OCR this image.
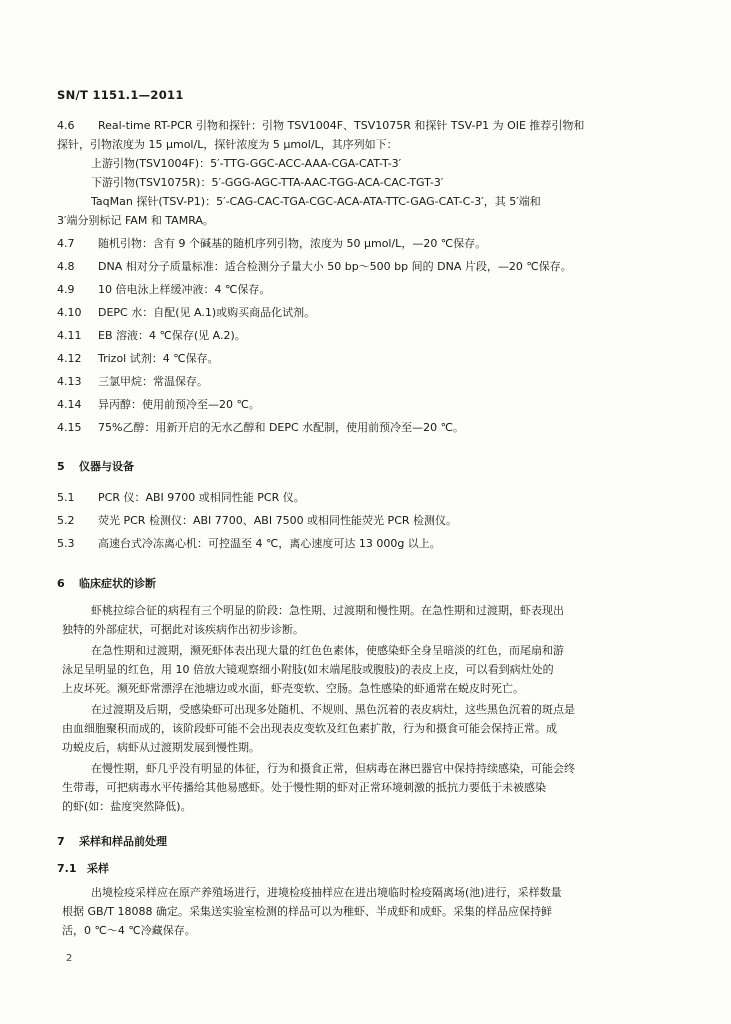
SN/T 1151.1—2011
4.6 Real-time RT-PCR 引物和探针：引物 TSV1004F、TSV1075R 和探针 TSV-P1 为 OIE 推荐引物和
探针，引物浓度为 15 μmol/L，探针浓度为 5 μmol/L，其序列如下：
上游引物(TSV1004F)：5′-TTG-GGC-ACC-AAA-CGA-CAT-T-3′
下游引物(TSV1075R)：5′-GGG-AGC-TTA-AAC-TGG-ACA-CAC-TGT-3′
TaqMan 探针(TSV-P1)：5′-CAG-CAC-TGA-CGC-ACA-ATA-TTC-GAG-CAT-C-3′，其 5′端和
3′端分别标记 FAM 和 TAMRA。
4.7 随机引物：含有 9 个碱基的随机序列引物，浓度为 50 μmol/L，—20 ℃保存。
4.8 DNA 相对分子质量标准：适合检测分子量大小 50 bp～500 bp 间的 DNA 片段，—20 ℃保存。
4.9 10 倍电泳上样缓冲液：4 ℃保存。
4.10 DEPC 水：自配(见 A.1)或购买商品化试剂。
4.11 EB 溶液：4 ℃保存(见 A.2)。
4.12 Trizol 试剂：4 ℃保存。
4.13 三氯甲烷：常温保存。
4.14 异丙醇：使用前预冷至—20 ℃。
4.15 75%乙醇：用新开启的无水乙醇和 DEPC 水配制，使用前预冷至—20 ℃。
5 仪器与设备
5.1 PCR 仪：ABI 9700 或相同性能 PCR 仪。
5.2 荧光 PCR 检测仪：ABI 7700、ABI 7500 或相同性能荧光 PCR 检测仪。
5.3 高速台式冷冻离心机：可控温至 4 ℃，离心速度可达 13 000g 以上。
6 临床症状的诊断
虾桃拉综合征的病程有三个明显的阶段：急性期、过渡期和慢性期。在急性期和过渡期，虾表现出
独特的外部症状，可据此对该疾病作出初步诊断。
在急性期和过渡期，濒死虾体表出现大量的红色色素体，使感染虾全身呈暗淡的红色，而尾扇和游
泳足呈明显的红色，用 10 倍放大镜观察细小附肢(如末端尾肢或腹肢)的表皮上皮，可以看到病灶处的
上皮坏死。濒死虾常漂浮在池塘边或水面，虾壳变软、空肠。急性感染的虾通常在蜕皮时死亡。
在过渡期及后期，受感染虾可出现多处随机、不规则、黑色沉着的表皮病灶，这些黑色沉着的斑点是
由血细胞聚积而成的，该阶段虾可能不会出现表皮变软及红色素扩散，行为和摄食可能会保持正常。成
功蜕皮后，病虾从过渡期发展到慢性期。
在慢性期，虾几乎没有明显的体征，行为和摄食正常，但病毒在淋巴器官中保持持续感染，可能会终
生带毒，可把病毒水平传播给其他易感虾。处于慢性期的虾对正常环境刺激的抵抗力要低于未被感染
的虾(如：盐度突然降低)。
7 采样和样品前处理
7.1 采样
出境检疫采样应在原产养殖场进行，进境检疫抽样应在进出境临时检疫隔离场(池)进行，采样数量
根据 GB/T 18088 确定。采集送实验室检测的样品可以为稚虾、半成虾和成虾。采集的样品应保持鲜
活，0 ℃～4 ℃冷藏保存。
2
